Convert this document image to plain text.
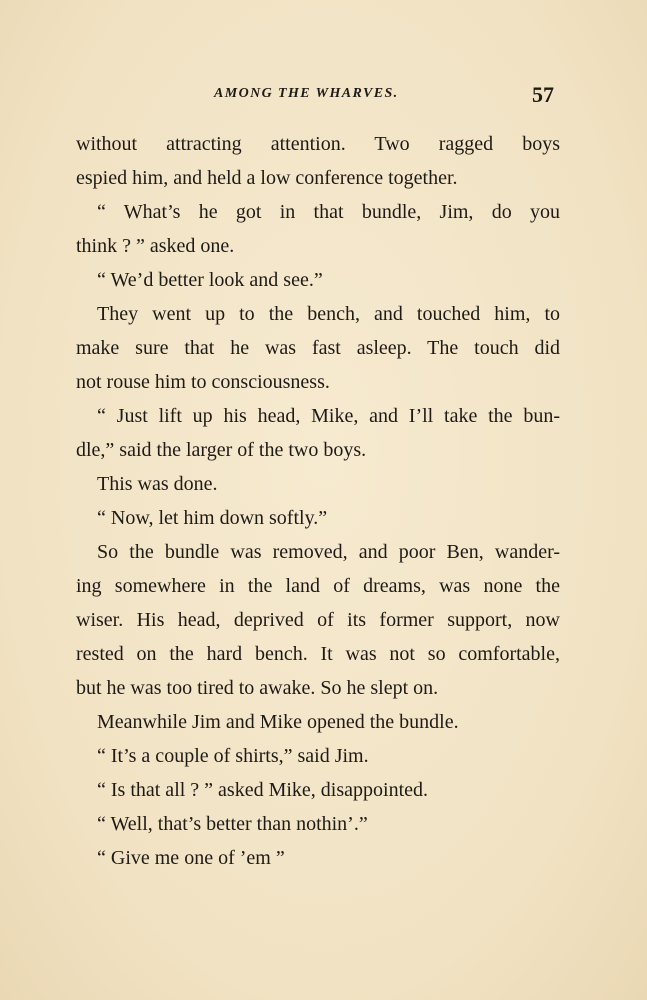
AMONG THE WHARVES.	57
without attracting attention. Two ragged boys
espied him, and held a low conference together.
“ What’s he got in that bundle, Jim, do you
think ? ” asked one.
“ We’d better look and see.”
They went up to the bench, and touched him, to
make sure that he was fast asleep. The touch did
not rouse him to consciousness.
“ Just lift up his head, Mike, and I’ll take the bun-
dle,” said the larger of the two boys.
This was done.
“ Now, let him down softly.”
So the bundle was removed, and poor Ben, wander-
ing somewhere in the land of dreams, was none the
wiser. His head, deprived of its former support, now
rested on the hard bench. It was not so comfortable,
but he was too tired to awake. So he slept on.
Meanwhile Jim and Mike opened the bundle.
“ It’s a couple of shirts,” said Jim.
“ Is that all ? ” asked Mike, disappointed.
“ Well, that’s better than nothin’.”
“ Give me one of ’em ”
